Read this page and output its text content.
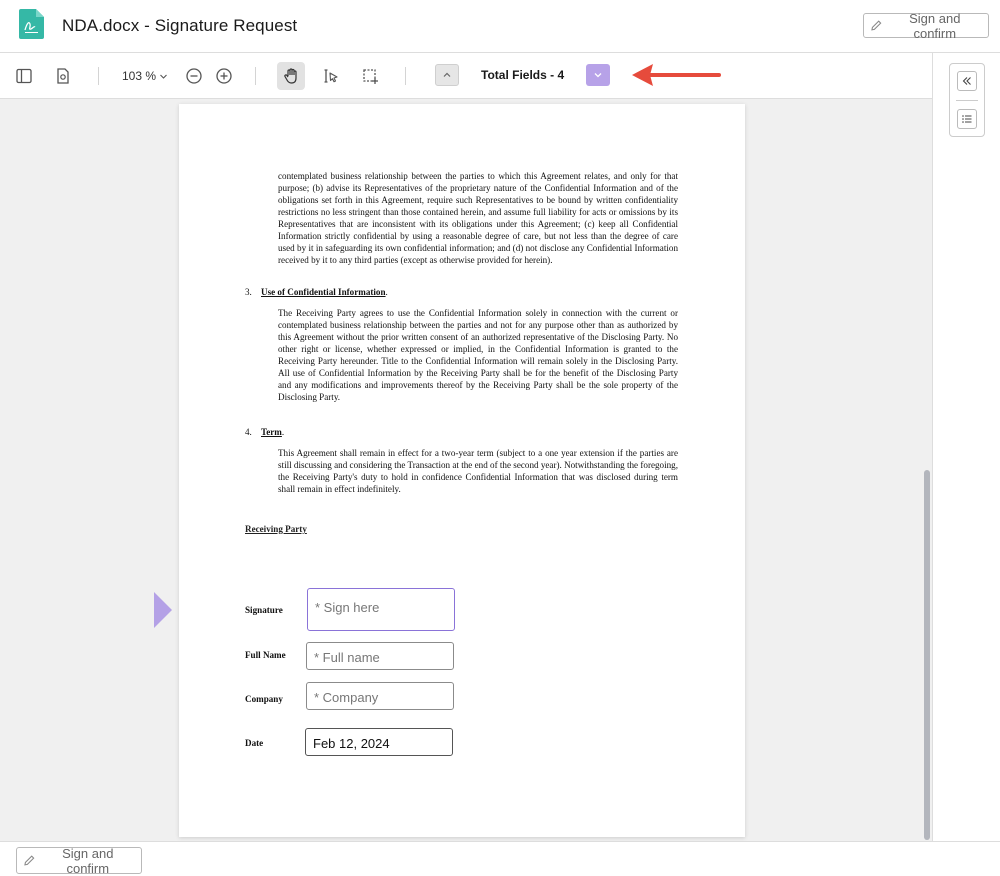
NDA.docx - Signature Request	Sign and confirm
103 %	Total Fields - 4
contemplated business relationship between the parties to which this Agreement relates, and only for that purpose; (b) advise its Representatives of the proprietary nature of the Confidential Information and of the obligations set forth in this Agreement, require such Representatives to be bound by written confidentiality restrictions no less stringent than those contained herein, and assume full liability for acts or omissions by its Representatives that are inconsistent with its obligations under this Agreement; (c) keep all Confidential Information strictly confidential by using a reasonable degree of care, but not less than the degree of care used by it in safeguarding its own confidential information; and (d) not disclose any Confidential Information received by it to any third parties (except as otherwise provided for herein).
3. Use of Confidential Information.
The Receiving Party agrees to use the Confidential Information solely in connection with the current or contemplated business relationship between the parties and not for any purpose other than as authorized by this Agreement without the prior written consent of an authorized representative of the Disclosing Party. No other right or license, whether expressed or implied, in the Confidential Information is granted to the Receiving Party hereunder. Title to the Confidential Information will remain solely in the Disclosing Party. All use of Confidential Information by the Receiving Party shall be for the benefit of the Disclosing Party and any modifications and improvements thereof by the Receiving Party shall be the sole property of the Disclosing Party.
4. Term.
This Agreement shall remain in effect for a two-year term (subject to a one year extension if the parties are still discussing and considering the Transaction at the end of the second year). Notwithstanding the foregoing, the Receiving Party's duty to hold in confidence Confidential Information that was disclosed during term shall remain in effect indefinitely.
Receiving Party
Signature	* Sign here
Full Name	* Full name
Company	* Company
Date	Feb 12, 2024
Sign and confirm
